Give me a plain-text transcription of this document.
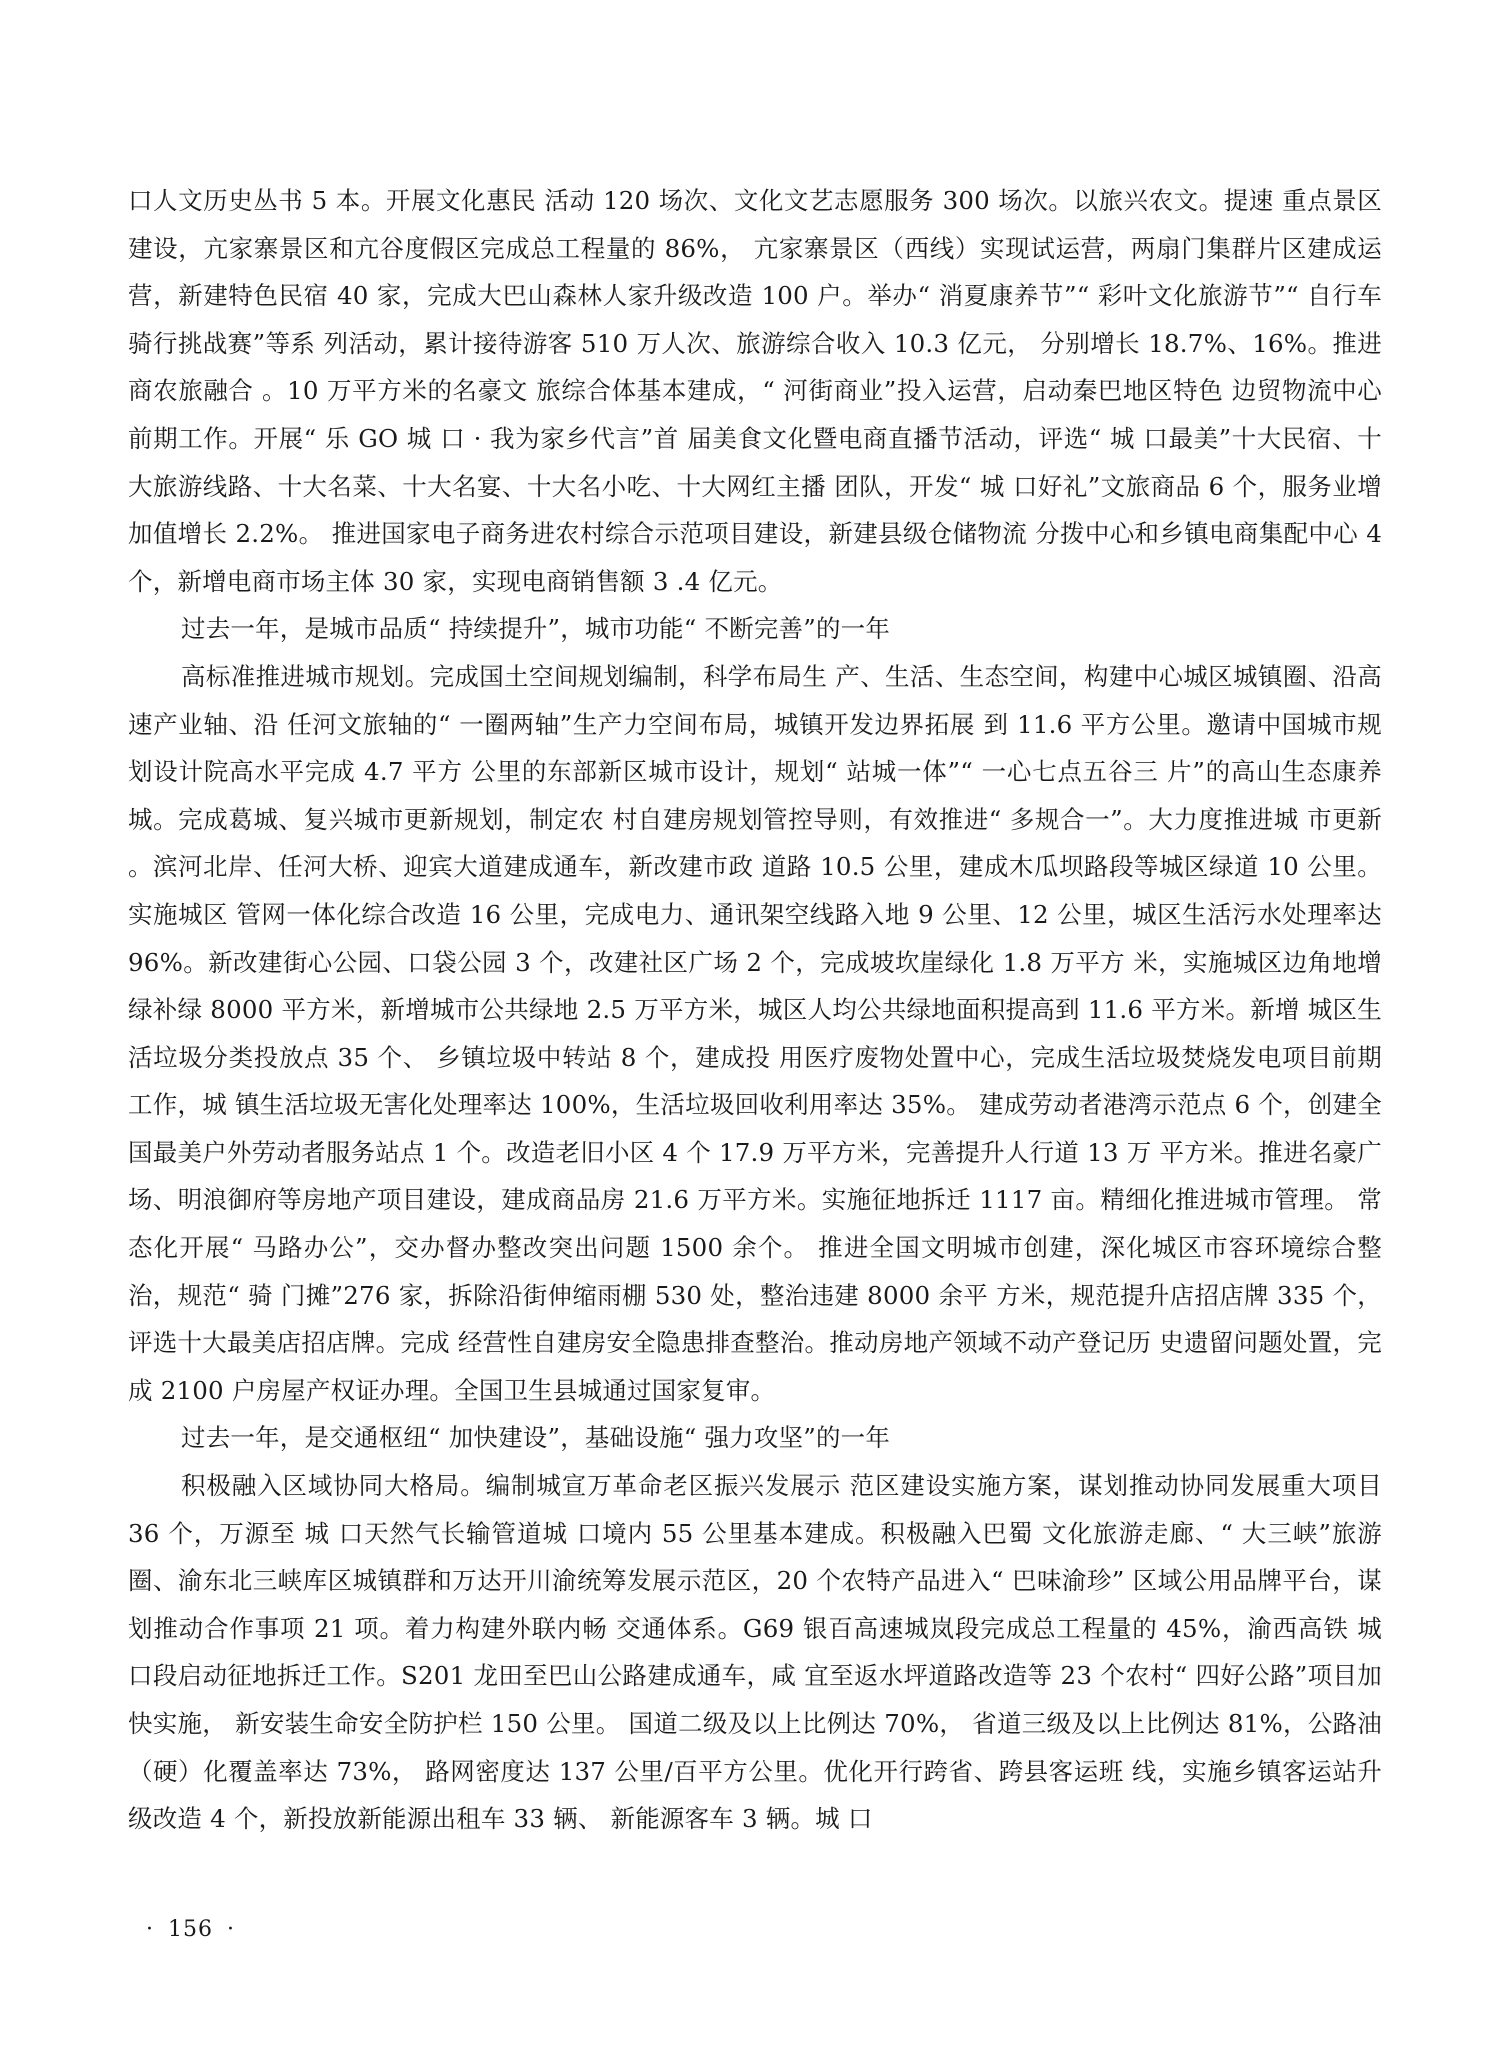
口人文历史丛书 5 本。开展文化惠民 活动 120 场次、文化文艺志愿服务 300 场次。以旅兴农文。提速 重点景区建设，亢家寨景区和亢谷度假区完成总工程量的 86%， 亢家寨景区（西线）实现试运营，两扇门集群片区建成运营，新建特色民宿 40 家，完成大巴山森林人家升级改造 100 户。举办“ 消夏康养节”“ 彩叶文化旅游节”“ 自行车骑行挑战赛”等系 列活动，累计接待游客 510 万人次、旅游综合收入 10.3 亿元， 分别增长 18.7%、16%。推进商农旅融合 。10 万平方米的名豪文 旅综合体基本建成，“ 河街商业”投入运营，启动秦巴地区特色 边贸物流中心前期工作。开展“ 乐 GO 城 口 · 我为家乡代言”首 届美食文化暨电商直播节活动，评选“ 城 口最美”十大民宿、十 大旅游线路、十大名菜、十大名宴、十大名小吃、十大网红主播 团队，开发“ 城 口好礼”文旅商品 6 个，服务业增加值增长 2.2%。 推进国家电子商务进农村综合示范项目建设，新建县级仓储物流 分拨中心和乡镇电商集配中心 4 个，新增电商市场主体 30 家，实现电商销售额 3 .4 亿元。

过去一年，是城市品质“ 持续提升”，城市功能“ 不断完善”的一年

高标准推进城市规划。完成国土空间规划编制，科学布局生 产、生活、生态空间，构建中心城区城镇圈、沿高速产业轴、沿 任河文旅轴的“ 一圈两轴”生产力空间布局，城镇开发边界拓展 到 11.6 平方公里。邀请中国城市规划设计院高水平完成 4.7 平方 公里的东部新区城市设计，规划“ 站城一体”“ 一心七点五谷三 片”的高山生态康养城。完成葛城、复兴城市更新规划，制定农 村自建房规划管控导则，有效推进“ 多规合一”。大力度推进城 市更新 。滨河北岸、任河大桥、迎宾大道建成通车，新改建市政 道路 10.5 公里，建成木瓜坝路段等城区绿道 10 公里。实施城区 管网一体化综合改造 16 公里，完成电力、通讯架空线路入地 9 公里、12 公里，城区生活污水处理率达 96%。新改建街心公园、口袋公园 3 个，改建社区广场 2 个，完成坡坎崖绿化 1.8 万平方 米，实施城区边角地增绿补绿 8000 平方米，新增城市公共绿地 2.5 万平方米，城区人均公共绿地面积提高到 11.6 平方米。新增 城区生活垃圾分类投放点 35 个、 乡镇垃圾中转站 8 个，建成投 用医疗废物处置中心，完成生活垃圾焚烧发电项目前期工作，城 镇生活垃圾无害化处理率达 100%，生活垃圾回收利用率达 35%。 建成劳动者港湾示范点 6 个，创建全国最美户外劳动者服务站点 1 个。改造老旧小区 4 个 17.9 万平方米，完善提升人行道 13 万 平方米。推进名豪广场、明浪御府等房地产项目建设，建成商品房 21.6 万平方米。实施征地拆迁 1117 亩。精细化推进城市管理。 常态化开展“ 马路办公”，交办督办整改突出问题 1500 余个。 推进全国文明城市创建，深化城区市容环境综合整治，规范“ 骑 门摊”276 家，拆除沿街伸缩雨棚 530 处，整治违建 8000 余平 方米，规范提升店招店牌 335 个，评选十大最美店招店牌。完成 经营性自建房安全隐患排查整治。推动房地产领域不动产登记历 史遗留问题处置，完成 2100 户房屋产权证办理。全国卫生县城通过国家复审。

过去一年，是交通枢纽“ 加快建设”，基础设施“ 强力攻坚”的一年

积极融入区域协同大格局。编制城宣万革命老区振兴发展示 范区建设实施方案，谋划推动协同发展重大项目 36 个，万源至 城 口天然气长输管道城 口境内 55 公里基本建成。积极融入巴蜀 文化旅游走廊、“ 大三峡”旅游圈、渝东北三峡库区城镇群和万达开川渝统筹发展示范区，20 个农特产品进入“ 巴味渝珍” 区域公用品牌平台，谋划推动合作事项 21 项。着力构建外联内畅 交通体系。G69 银百高速城岚段完成总工程量的 45%，渝西高铁 城 口段启动征地拆迁工作。S201 龙田至巴山公路建成通车，咸 宜至返水坪道路改造等 23 个农村“ 四好公路”项目加快实施， 新安装生命安全防护栏 150 公里。 国道二级及以上比例达 70%， 省道三级及以上比例达 81%，公路油（硬）化覆盖率达 73%， 路网密度达 137 公里/百平方公里。优化开行跨省、跨县客运班 线，实施乡镇客运站升级改造 4 个，新投放新能源出租车 33 辆、 新能源客车 3 辆。城 口

· 156 ·
